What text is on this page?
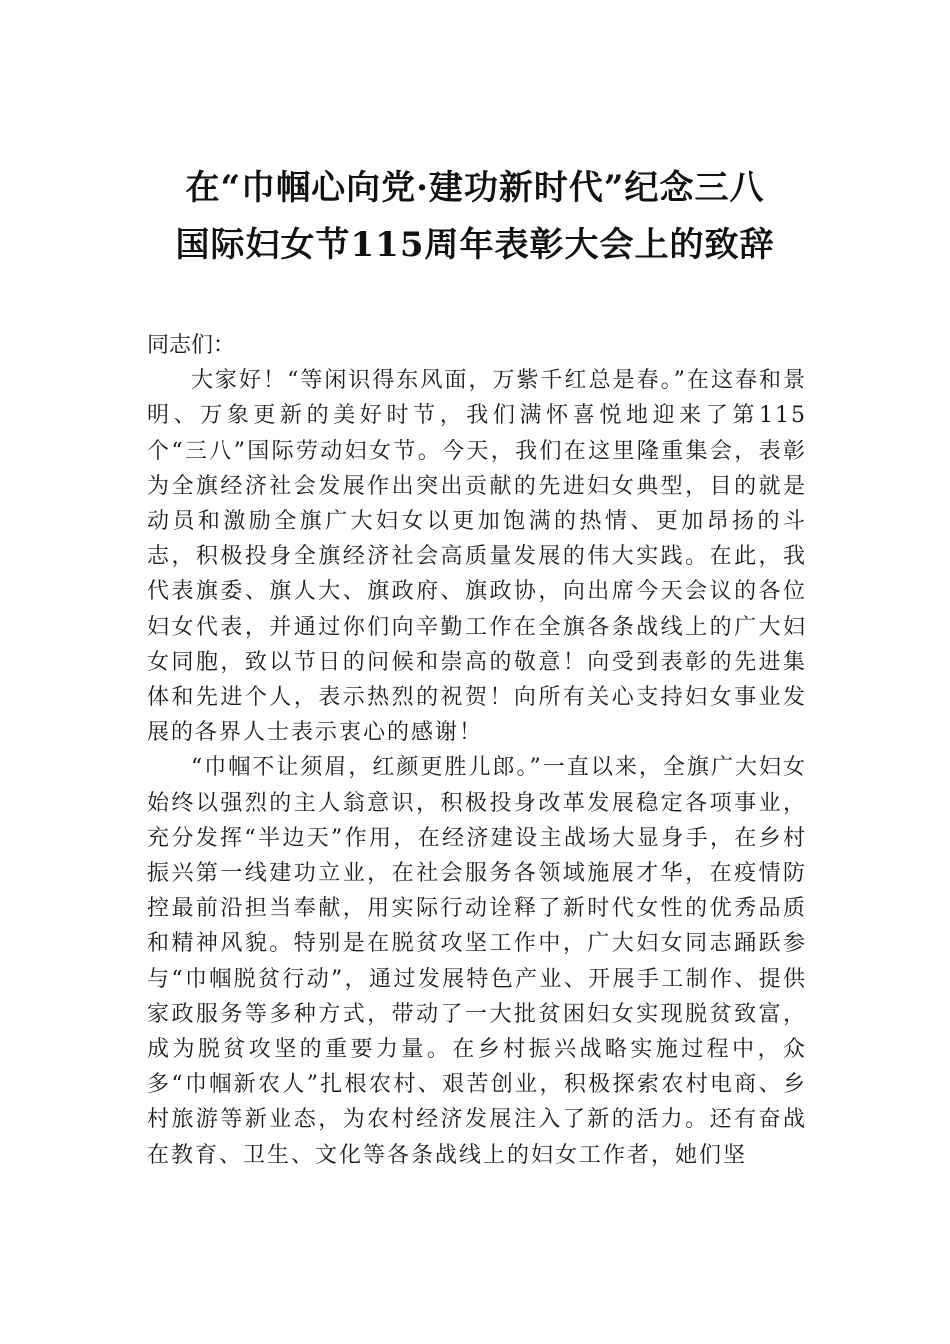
在“巾帼心向党·建功新时代”纪念三八
国际妇女节115周年表彰大会上的致辞

同志们：

大家好！“等闲识得东风面，万紫千红总是春。”在这春和景明、万象更新的美好时节，我们满怀喜悦地迎来了第115个“三八”国际劳动妇女节。今天，我们在这里隆重集会，表彰为全旗经济社会发展作出突出贡献的先进妇女典型，目的就是动员和激励全旗广大妇女以更加饱满的热情、更加昂扬的斗志，积极投身全旗经济社会高质量发展的伟大实践。在此，我代表旗委、旗人大、旗政府、旗政协，向出席今天会议的各位妇女代表，并通过你们向辛勤工作在全旗各条战线上的广大妇女同胞，致以节日的问候和崇高的敬意！向受到表彰的先进集体和先进个人，表示热烈的祝贺！向所有关心支持妇女事业发展的各界人士表示衷心的感谢！

“巾帼不让须眉，红颜更胜儿郎。”一直以来，全旗广大妇女始终以强烈的主人翁意识，积极投身改革发展稳定各项事业，充分发挥“半边天”作用，在经济建设主战场大显身手，在乡村振兴第一线建功立业，在社会服务各领域施展才华，在疫情防控最前沿担当奉献，用实际行动诠释了新时代女性的优秀品质和精神风貌。特别是在脱贫攻坚工作中，广大妇女同志踊跃参与“巾帼脱贫行动”，通过发展特色产业、开展手工制作、提供家政服务等多种方式，带动了一大批贫困妇女实现脱贫致富，成为脱贫攻坚的重要力量。在乡村振兴战略实施过程中，众多“巾帼新农人”扎根农村、艰苦创业，积极探索农村电商、乡村旅游等新业态，为农村经济发展注入了新的活力。还有奋战在教育、卫生、文化等各条战线上的妇女工作者，她们坚
